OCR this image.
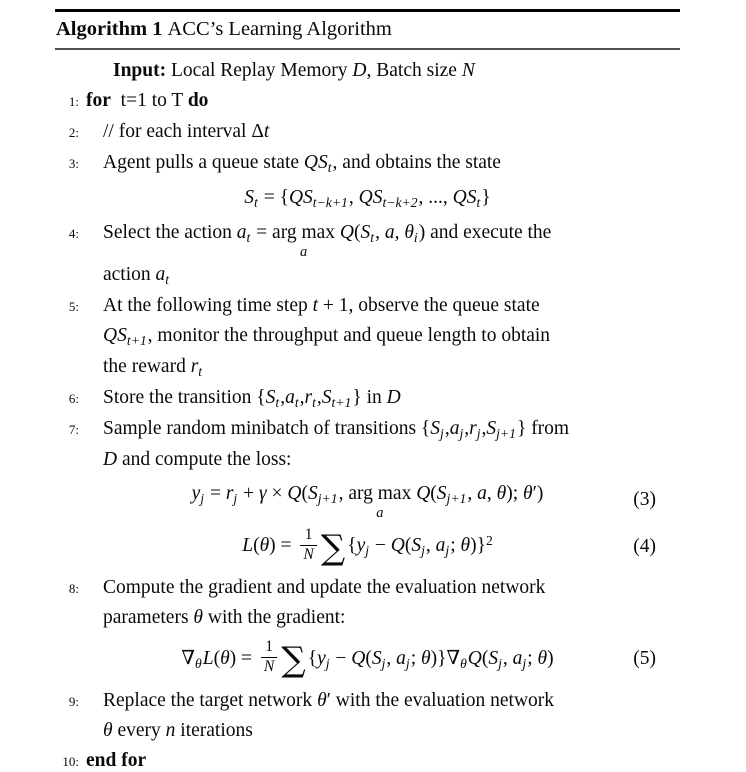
Algorithm 1 ACC’s Learning Algorithm
Input: Local Replay Memory D, Batch size N
1: for t=1 to T do
2:	// for each interval Δt
3:	Agent pulls a queue state QSt, and obtains the state
St = {QSt−k+1, QSt−k+2, ..., QSt}
4:	Select the action at = arg max
a
Q(St, a, θi) and execute the
action at
5:	At the following time step t + 1, observe the queue state
QSt+1, monitor the throughput and queue length to obtain
the reward rt
6:	Store the transition {St,at,rt,St+1} in D
7:	Sample random minibatch of transitions {Sj,aj,rj,Sj+1} from
D and compute the loss:
yj = rj + γ × Q(Sj+1, arg max
a
Q(Sj+1, a, θ); θ′)	(3)
$L(\theta) = \frac{1}{N}$ ∑ {yj − Q(Sj, aj; θ)}$^2$	(4)
8:	Compute the gradient and update the evaluation network
parameters θ with the gradient:
$\nabla\theta L(\theta) = \frac{1}{N}$ ∑ {yj − Q(Sj, aj; θ)}∇θQ(Sj, aj; θ)	(5)
9:	Replace the target network θ′ with the evaluation network
θ every n iterations
10: end for
